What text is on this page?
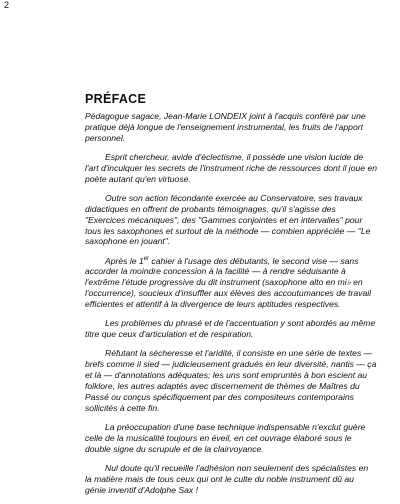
2
PRÉFACE

Pédagogue sagace, Jean-Marie LONDEIX joint à l'acquis conféré par une pratique déjà longue de l'enseignement instrumental, les fruits de l'apport personnel.

Esprit chercheur, avide d'éclectisme, il possède une vision lucide de l'art d'inculquer les secrets de l'instrument riche de ressources dont il joue en poète autant qu'en virtuose.

Outre son action fécondante exercée au Conservatoire, ses travaux didactiques en offrent de probants témoignages, qu'il s'agisse des "Exercices mécaniques", des "Gammes conjointes et en intervalles" pour tous les saxophones et surtout de la méthode — combien appréciée — "Le saxophone en jouant".

Après le 1er cahier à l'usage des débutants, le second vise — sans accorder la moindre concession à la facilité — à rendre séduisante à l'extrême l'étude progressive du dit instrument (saxophone alto en mi♭ en l'occurrence), soucieux d'insuffler aux élèves des accoutumances de travail efficientes et attentif à la divergence de leurs aptitudes respectives.

Les problèmes du phrasé et de l'accentuation y sont abordés au même titre que ceux d'articulation et de respiration.

Réfutant la sécheresse et l'aridité, il consiste en une série de textes — brefs comme il sied — judicieusement gradués en leur diversité, nantis — ça et là — d'annotations adéquates; les uns sont empruntés à bon escient au folklore, les autres adaptés avec discernement de thèmes de Maîtres du Passé ou conçus spécifiquement par des compositeurs contemporains sollicités à cette fin.

La préoccupation d'une base technique indispensable n'exclut guère celle de la musicalité toujours en éveil, en cet ouvrage élaboré sous le double signe du scrupule et de la clairvoyance.

Nul doute qu'il recueille l'adhésion non seulement des spécialistes en la matière mais de tous ceux qui ont le culte du noble instrument dû au génie inventif d'Adolphe Sax !
